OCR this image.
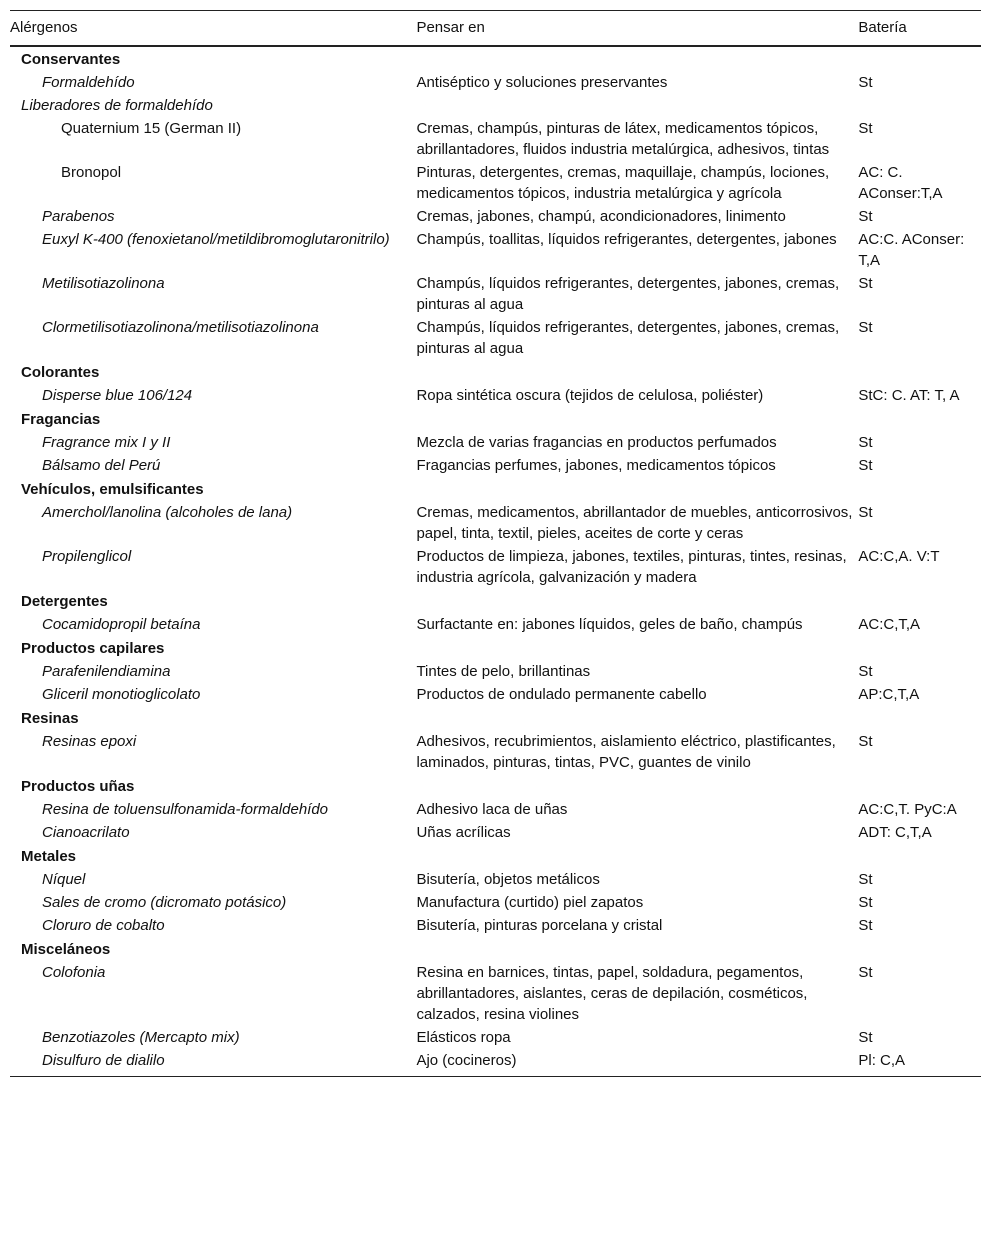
Alérgenos	Pensar en	Batería
Conservantes		
Formaldehído	Antiséptico y soluciones preservantes	St
Liberadores de formaldehído		
Quaternium 15 (German II)	Cremas, champús, pinturas de látex, medicamentos tópicos, abrillantadores, fluidos industria metalúrgica, adhesivos, tintas	St
Bronopol	Pinturas, detergentes, cremas, maquillaje, champús, lociones, medicamentos tópicos, industria metalúrgica y agrícola	AC: C. AConser:T,A
Parabenos	Cremas, jabones, champú, acondicionadores, linimento	St
Euxyl K-400 (fenoxietanol/metildibromoglutaronitrilo)	Champús, toallitas, líquidos refrigerantes, detergentes, jabones	AC:C. AConser: T,A
Metilisotiazolinona	Champús, líquidos refrigerantes, detergentes, jabones, cremas, pinturas al agua	St
Clormetilisotiazolinona/metilisotiazolinona	Champús, líquidos refrigerantes, detergentes, jabones, cremas, pinturas al agua	St
Colorantes		
Disperse blue 106/124	Ropa sintética oscura (tejidos de celulosa, poliéster)	StC: C. AT: T, A
Fragancias		
Fragrance mix I y II	Mezcla de varias fragancias en productos perfumados	St
Bálsamo del Perú	Fragancias perfumes, jabones, medicamentos tópicos	St
Vehículos, emulsificantes		
Amerchol/lanolina (alcoholes de lana)	Cremas, medicamentos, abrillantador de muebles, anticorrosivos, papel, tinta, textil, pieles, aceites de corte y ceras	St
Propilenglicol	Productos de limpieza, jabones, textiles, pinturas, tintes, resinas, industria agrícola, galvanización y madera	AC:C,A. V:T
Detergentes		
Cocamidopropil betaína	Surfactante en: jabones líquidos, geles de baño, champús	AC:C,T,A
Productos capilares		
Parafenilendiamina	Tintes de pelo, brillantinas	St
Gliceril monotioglicolato	Productos de ondulado permanente cabello	AP:C,T,A
Resinas		
Resinas epoxi	Adhesivos, recubrimientos, aislamiento eléctrico, plastificantes, laminados, pinturas, tintas, PVC, guantes de vinilo	St
Productos uñas		
Resina de toluensulfonamida-formaldehído	Adhesivo laca de uñas	AC:C,T. PyC:A
Cianoacrilato	Uñas acrílicas	ADT: C,T,A
Metales		
Níquel	Bisutería, objetos metálicos	St
Sales de cromo (dicromato potásico)	Manufactura (curtido) piel zapatos	St
Cloruro de cobalto	Bisutería, pinturas porcelana y cristal	St
Misceláneos		
Colofonia	Resina en barnices, tintas, papel, soldadura, pegamentos, abrillantadores, aislantes, ceras de depilación, cosméticos, calzados, resina violines	St
Benzotiazoles (Mercapto mix)	Elásticos ropa	St
Disulfuro de dialilo	Ajo (cocineros)	Pl: C,A
